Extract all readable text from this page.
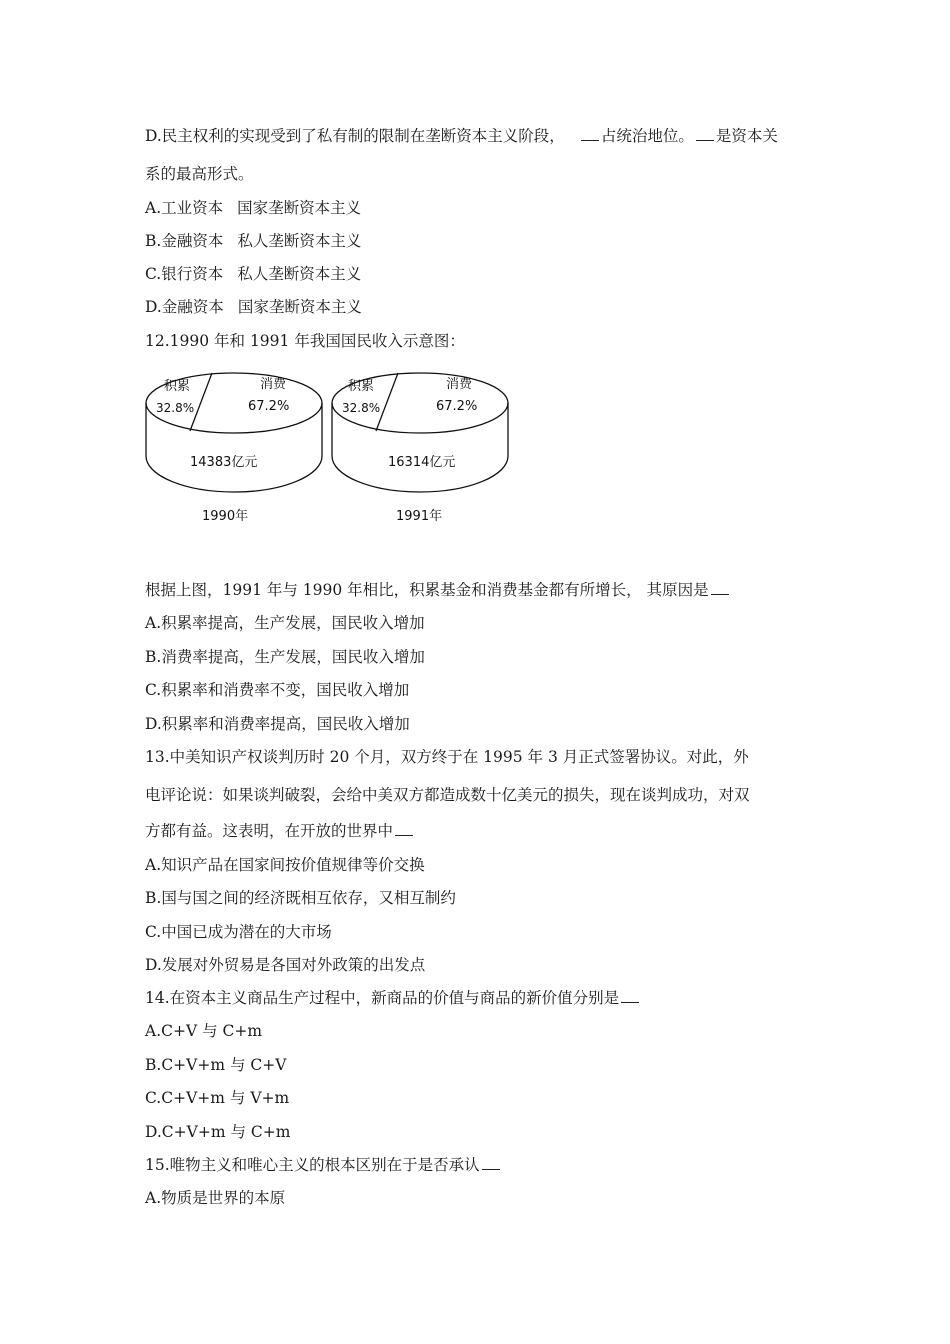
D.民主权利的实现受到了私有制的限制在垄断资本主义阶段， 占统治地位。 是资本关
系的最高形式。
A.工业资本 国家垄断资本主义
B.金融资本 私人垄断资本主义
C.银行资本 私人垄断资本主义
D.金融资本 国家垄断资本主义
12.1990 年和 1991 年我国国民收入示意图：
积累
32.8%
消费
67.2%
14383亿元
1990年
积累
32.8%
消费
67.2%
16314亿元
1991年
根据上图，1991 年与 1990 年相比，积累基金和消费基金都有所增长， 其原因是
A.积累率提高，生产发展，国民收入增加
B.消费率提高，生产发展，国民收入增加
C.积累率和消费率不变，国民收入增加
D.积累率和消费率提高，国民收入增加
13.中美知识产权谈判历时 20 个月，双方终于在 1995 年 3 月正式签署协议。对此，外
电评论说：如果谈判破裂，会给中美双方都造成数十亿美元的损失，现在谈判成功，对双
方都有益。这表明，在开放的世界中
A.知识产品在国家间按价值规律等价交换
B.国与国之间的经济既相互依存，又相互制约
C.中国已成为潜在的大市场
D.发展对外贸易是各国对外政策的出发点
14.在资本主义商品生产过程中，新商品的价值与商品的新价值分别是
A.C+V 与 C+m
B.C+V+m 与 C+V
C.C+V+m 与 V+m
D.C+V+m 与 C+m
15.唯物主义和唯心主义的根本区别在于是否承认
A.物质是世界的本原
